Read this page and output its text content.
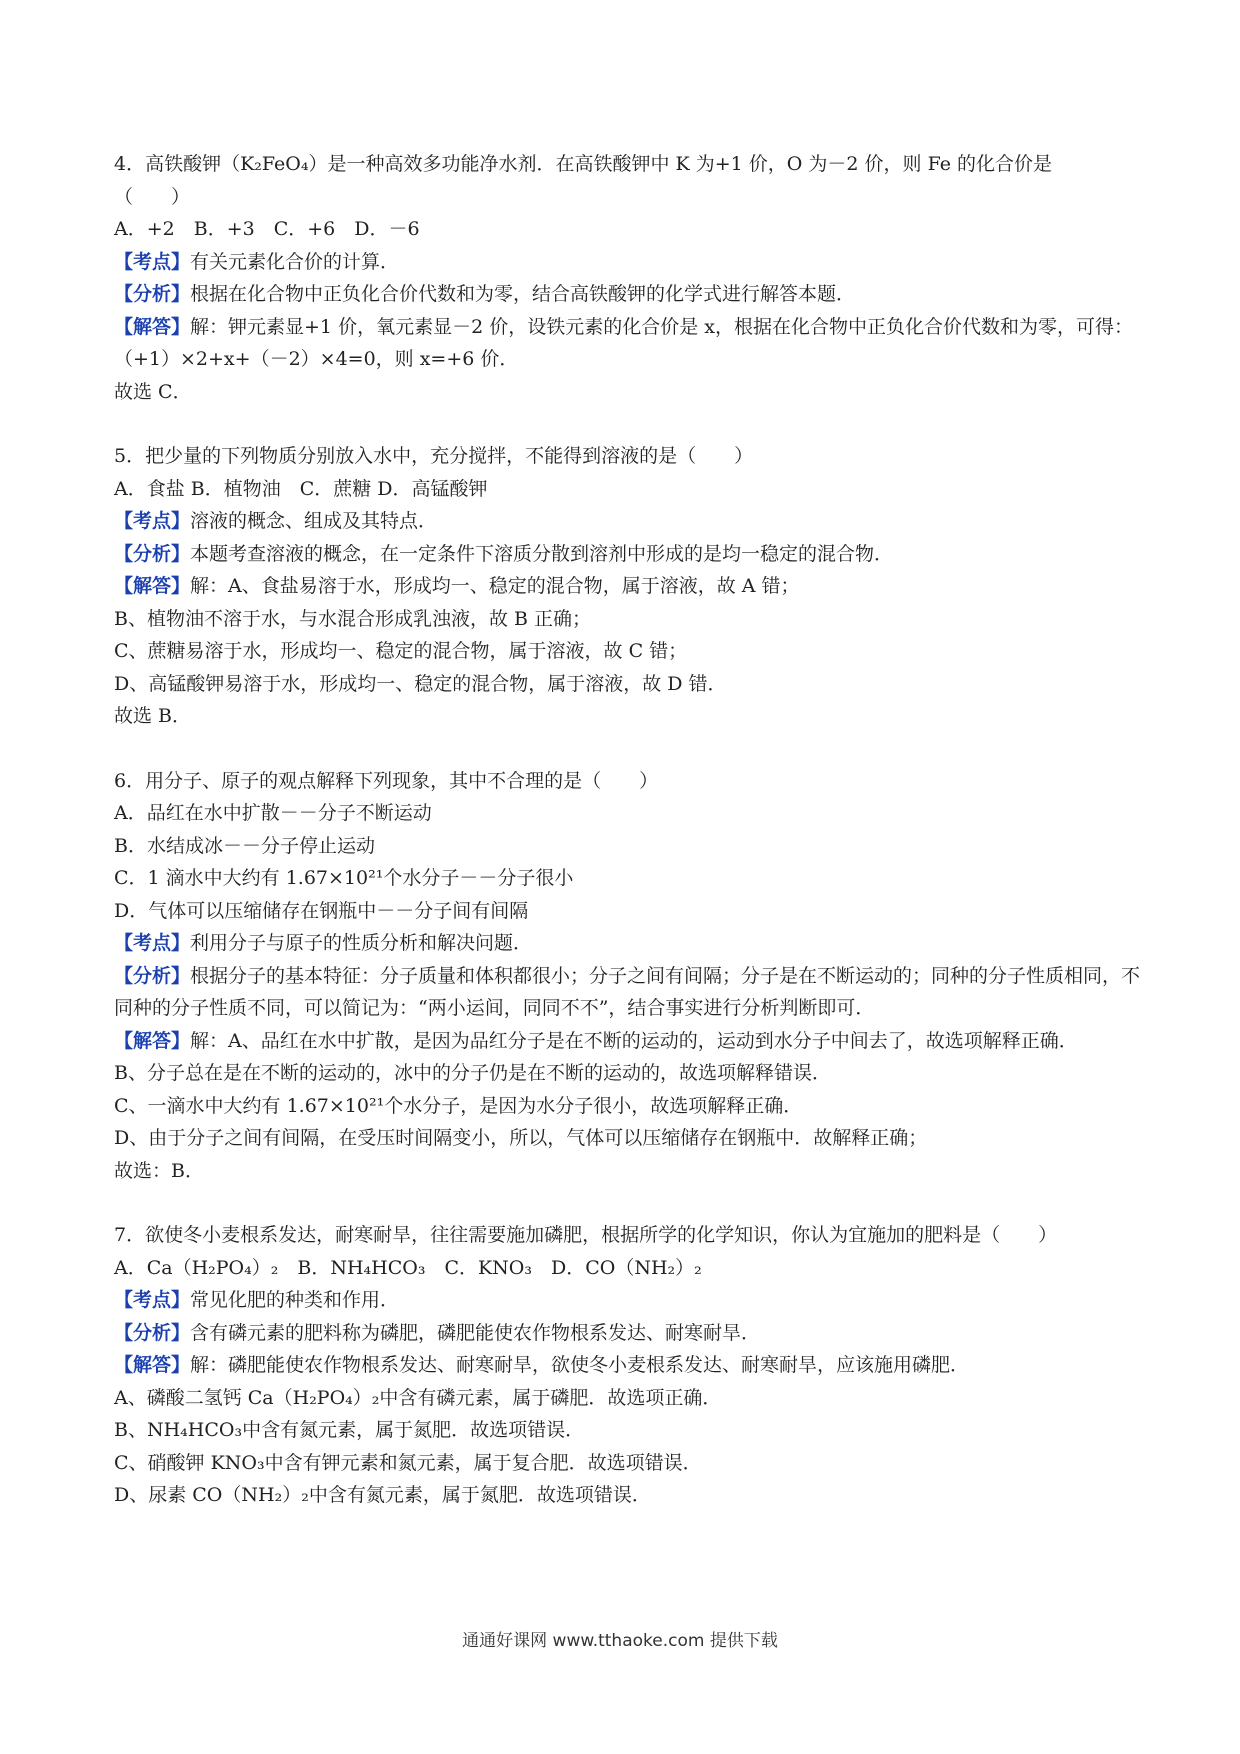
4．高铁酸钾（K₂FeO₄）是一种高效多功能净水剂．在高铁酸钾中 K 为+1 价，O 为－2 价，则 Fe 的化合价是

（　　）

A．+2　B．+3　C．+6　D．－6

【考点】有关元素化合价的计算．

【分析】根据在化合物中正负化合价代数和为零，结合高铁酸钾的化学式进行解答本题．

【解答】解：钾元素显+1 价，氧元素显－2 价，设铁元素的化合价是 x，根据在化合物中正负化合价代数和为零，可得：（+1）×2+x+（－2）×4=0，则 x=+6 价．

故选 C．

5．把少量的下列物质分别放入水中，充分搅拌，不能得到溶液的是（　　）

A．食盐 B．植物油　C．蔗糖 D．高锰酸钾

【考点】溶液的概念、组成及其特点．

【分析】本题考查溶液的概念，在一定条件下溶质分散到溶剂中形成的是均一稳定的混合物．

【解答】解：A、食盐易溶于水，形成均一、稳定的混合物，属于溶液，故 A 错；

B、植物油不溶于水，与水混合形成乳浊液，故 B 正确；

C、蔗糖易溶于水，形成均一、稳定的混合物，属于溶液，故 C 错；

D、高锰酸钾易溶于水，形成均一、稳定的混合物，属于溶液，故 D 错．

故选 B．

6．用分子、原子的观点解释下列现象，其中不合理的是（　　）

A．品红在水中扩散－－分子不断运动

B．水结成冰－－分子停止运动

C．1 滴水中大约有 1.67×10²¹个水分子－－分子很小

D．气体可以压缩储存在钢瓶中－－分子间有间隔

【考点】利用分子与原子的性质分析和解决问题．

【分析】根据分子的基本特征：分子质量和体积都很小；分子之间有间隔；分子是在不断运动的；同种的分子性质相同，不同种的分子性质不同，可以简记为：“两小运间，同同不不”，结合事实进行分析判断即可．

【解答】解：A、品红在水中扩散，是因为品红分子是在不断的运动的，运动到水分子中间去了，故选项解释正确．

B、分子总在是在不断的运动的，冰中的分子仍是在不断的运动的，故选项解释错误．

C、一滴水中大约有 1.67×10²¹个水分子，是因为水分子很小，故选项解释正确．

D、由于分子之间有间隔，在受压时间隔变小，所以，气体可以压缩储存在钢瓶中．故解释正确；

故选：B．

7．欲使冬小麦根系发达，耐寒耐旱，往往需要施加磷肥，根据所学的化学知识，你认为宜施加的肥料是（　　）

A．Ca（H₂PO₄）₂　B．NH₄HCO₃　C．KNO₃　D．CO（NH₂）₂

【考点】常见化肥的种类和作用．

【分析】含有磷元素的肥料称为磷肥，磷肥能使农作物根系发达、耐寒耐旱．

【解答】解：磷肥能使农作物根系发达、耐寒耐旱，欲使冬小麦根系发达、耐寒耐旱，应该施用磷肥．

A、磷酸二氢钙 Ca（H₂PO₄）₂中含有磷元素，属于磷肥．故选项正确．

B、NH₄HCO₃中含有氮元素，属于氮肥．故选项错误．

C、硝酸钾 KNO₃中含有钾元素和氮元素，属于复合肥．故选项错误．

D、尿素 CO（NH₂）₂中含有氮元素，属于氮肥．故选项错误．

通通好课网 www.tthaoke.com 提供下载
